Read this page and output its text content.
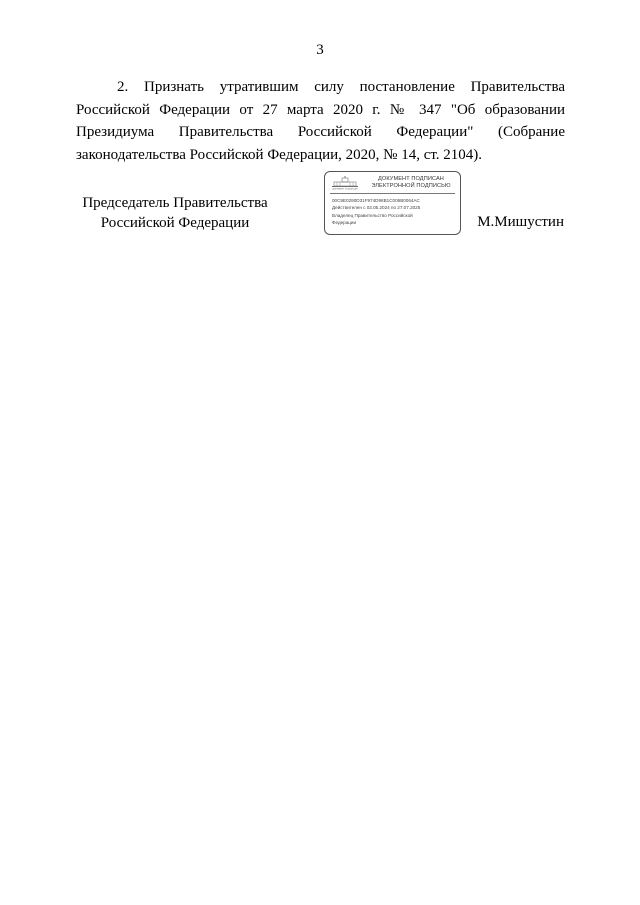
3

2. Признать утратившим силу постановление Правительства Российской Федерации от 27 марта 2020 г. № 347 "Об образовании Президиума Правительства Российской Федерации" (Собрание законодательства Российской Федерации, 2020, № 14, ст. 2104).

Председатель Правительства
Российской Федерации
ДОКУМЕНТ ПОДПИСАН
ДОКУМЕНТ ПОДПИСАН
ЭЛЕКТРОННОЙ ПОДПИСЬЮ
00C9E0290D31F974D98B1C006B0064AC
Действителен с 03.05.2024 по 27.07.2025
Владелец Правительство Российской
Федерации	М.Мишустин
